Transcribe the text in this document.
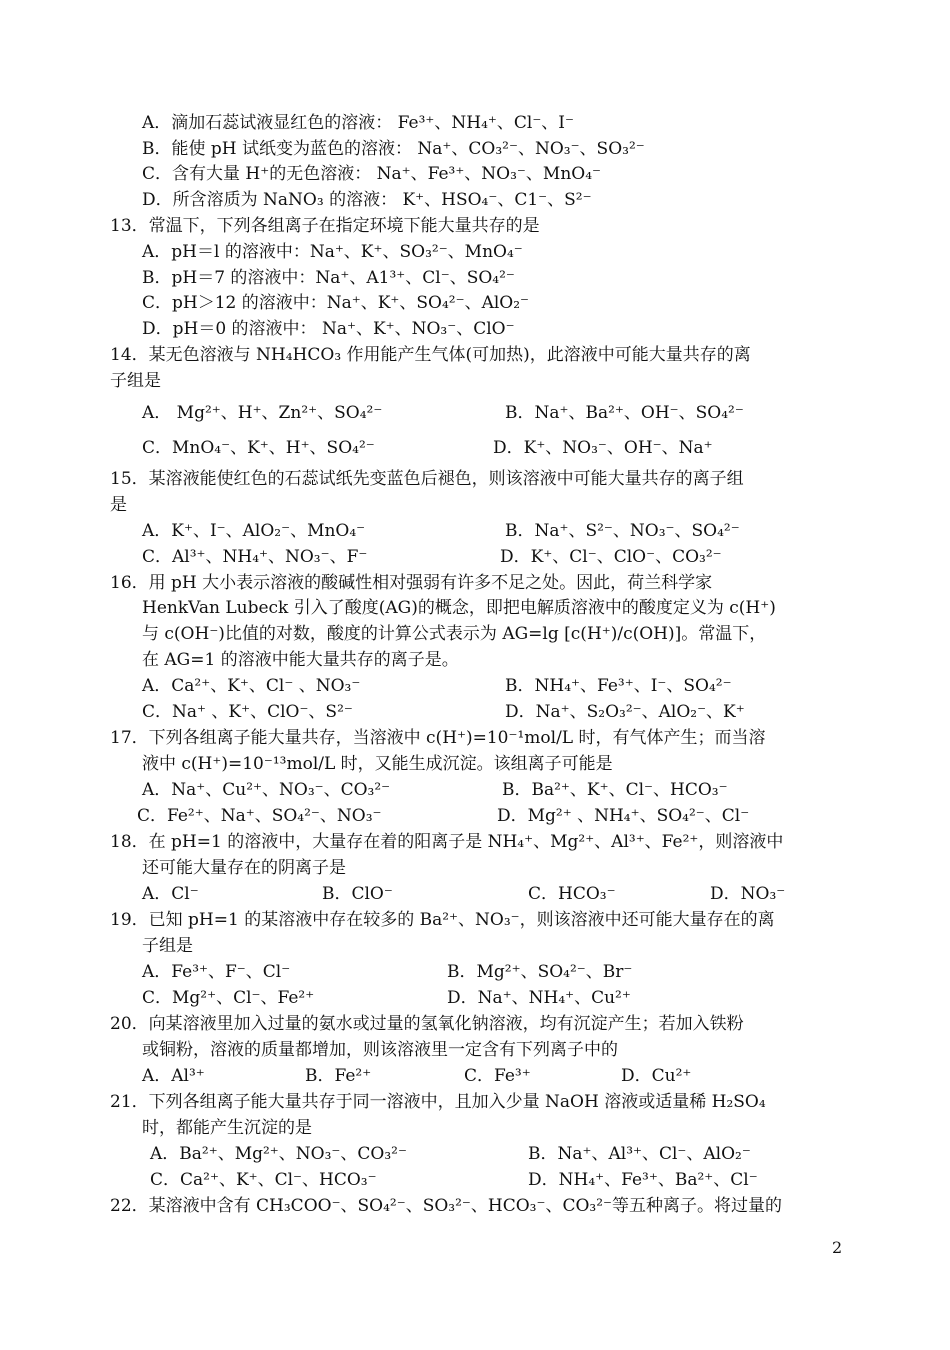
A．滴加石蕊试液显红色的溶液： Fe³⁺、NH₄⁺、Cl⁻、I⁻
B．能使 pH 试纸变为蓝色的溶液： Na⁺、CO₃²⁻、NO₃⁻、SO₃²⁻
C．含有大量 H⁺的无色溶液： Na⁺、Fe³⁺、NO₃⁻、MnO₄⁻
D．所含溶质为 NaNO₃ 的溶液： K⁺、HSO₄⁻、C1⁻、S²⁻
13．常温下，下列各组离子在指定环境下能大量共存的是
A．pH＝l 的溶液中：Na⁺、K⁺、SO₃²⁻、MnO₄⁻
B．pH＝7 的溶液中：Na⁺、A1³⁺、Cl⁻、SO₄²⁻
C．pH＞12 的溶液中：Na⁺、K⁺、SO₄²⁻、AlO₂⁻
D．pH＝0 的溶液中： Na⁺、K⁺、NO₃⁻、ClO⁻
14．某无色溶液与 NH₄HCO₃ 作用能产生气体(可加热)，此溶液中可能大量共存的离
子组是
A． Mg²⁺、H⁺、Zn²⁺、SO₄²⁻	B．Na⁺、Ba²⁺、OH⁻、SO₄²⁻
C．MnO₄⁻、K⁺、H⁺、SO₄²⁻	D．K⁺、NO₃⁻、OH⁻、Na⁺
15．某溶液能使红色的石蕊试纸先变蓝色后褪色，则该溶液中可能大量共存的离子组
是
A．K⁺、I⁻、AlO₂⁻、MnO₄⁻	B．Na⁺、S²⁻、NO₃⁻、SO₄²⁻
C．Al³⁺、NH₄⁺、NO₃⁻、F⁻	D．K⁺、Cl⁻、ClO⁻、CO₃²⁻
16．用 pH 大小表示溶液的酸碱性相对强弱有许多不足之处。因此，荷兰科学家
HenkVan Lubeck 引入了酸度(AG)的概念，即把电解质溶液中的酸度定义为 c(H⁺)
与 c(OH⁻)比值的对数，酸度的计算公式表示为 AG=lg [c(H⁺)/c(OH)]。常温下，
在 AG=1 的溶液中能大量共存的离子是。
A．Ca²⁺、K⁺、Cl⁻ 、NO₃⁻	B．NH₄⁺、Fe³⁺、I⁻、SO₄²⁻
C．Na⁺ 、K⁺、ClO⁻、S²⁻	D．Na⁺、S₂O₃²⁻、AlO₂⁻、K⁺
17．下列各组离子能大量共存，当溶液中 c(H⁺)=10⁻¹mol/L 时，有气体产生；而当溶
液中 c(H⁺)=10⁻¹³mol/L 时，又能生成沉淀。该组离子可能是
A．Na⁺、Cu²⁺、NO₃⁻、CO₃²⁻	B．Ba²⁺、K⁺、Cl⁻、HCO₃⁻
C．Fe²⁺、Na⁺、SO₄²⁻、NO₃⁻	D．Mg²⁺ 、NH₄⁺、SO₄²⁻、Cl⁻
18．在 pH=1 的溶液中，大量存在着的阳离子是 NH₄⁺、Mg²⁺、Al³⁺、Fe²⁺，则溶液中
还可能大量存在的阴离子是
A．Cl⁻	B．ClO⁻	C．HCO₃⁻	D．NO₃⁻
19．已知 pH=1 的某溶液中存在较多的 Ba²⁺、NO₃⁻，则该溶液中还可能大量存在的离
子组是
A．Fe³⁺、F⁻、Cl⁻	B．Mg²⁺、SO₄²⁻、Br⁻
C．Mg²⁺、Cl⁻、Fe²⁺	D．Na⁺、NH₄⁺、Cu²⁺
20．向某溶液里加入过量的氨水或过量的氢氧化钠溶液，均有沉淀产生；若加入铁粉
或铜粉，溶液的质量都增加，则该溶液里一定含有下列离子中的
A．Al³⁺	B．Fe²⁺	C．Fe³⁺	D．Cu²⁺
21．下列各组离子能大量共存于同一溶液中，且加入少量 NaOH 溶液或适量稀 H₂SO₄
时，都能产生沉淀的是
A．Ba²⁺、Mg²⁺、NO₃⁻、CO₃²⁻	B．Na⁺、Al³⁺、Cl⁻、AlO₂⁻
C．Ca²⁺、K⁺、Cl⁻、HCO₃⁻	D．NH₄⁺、Fe³⁺、Ba²⁺、Cl⁻
22．某溶液中含有 CH₃COO⁻、SO₄²⁻、SO₃²⁻、HCO₃⁻、CO₃²⁻等五种离子。将过量的
2
